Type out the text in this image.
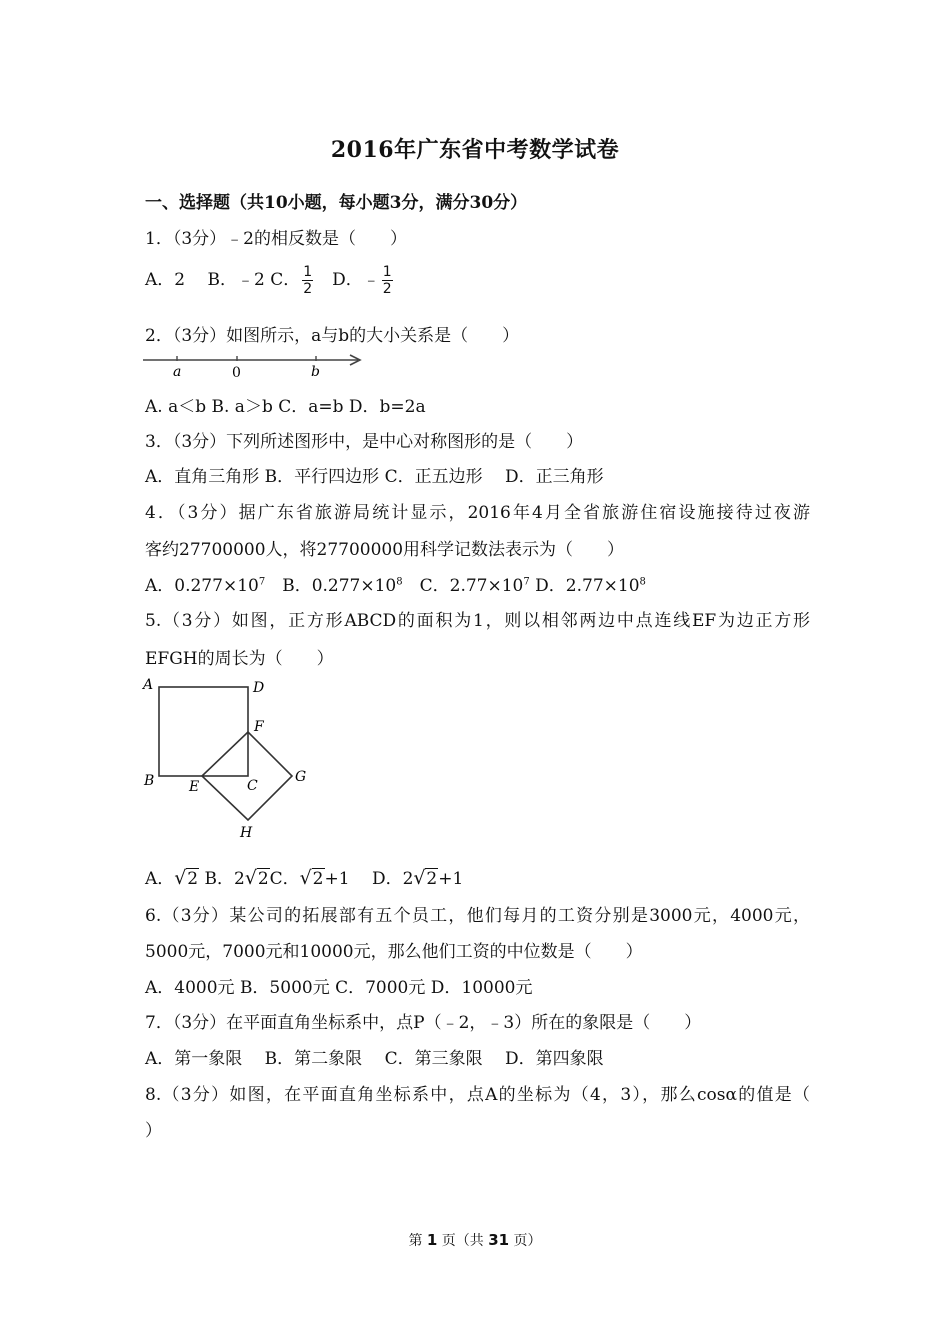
2016年广东省中考数学试卷
一、选择题（共10小题，每小题3分，满分30分）
1．（3分）﹣2的相反数是（　　）
A．2　 B．﹣2 C． $\frac{1}{2}$ 　D．﹣ $\frac{1}{2}$
2．（3分）如图所示，a与b的大小关系是（　　）
a	0	b
A. a＜b B. a＞b C．a=b D．b=2a
3．（3分）下列所述图形中，是中心对称图形的是（　　）
A．直角三角形 B．平行四边形 C．正五边形　 D．正三角形
4．（3分）据广东省旅游局统计显示，2016年4月全省旅游住宿设施接待过夜游
客约27700000人，将27700000用科学记数法表示为（　　）
A．$0.277\times 10^7$　B．$0.277\times 10^8$　C．$2.77\times 10^7$ D．$2.77\times 10^8$
5.（3分）如图，正方形ABCD的面积为1，则以相邻两边中点连线EF为边正方形
EFGH的周长为（　　）
A	D
F
B E	C
G
H
A． √ 2 B．2 √ 2C． √ 2+1　 D．2 √ 2+1
6.（3分）某公司的拓展部有五个员工，他们每月的工资分别是3000元，4000元，
5000元，7000元和10000元，那么他们工资的中位数是（　　）
A．4000元 B．5000元 C．7000元 D．10000元
7．（3分）在平面直角坐标系中，点P（﹣2，﹣3）所在的象限是（　　）
A．第一象限　 B．第二象限　 C．第三象限　 D．第四象限
8.（3分）如图，在平面直角坐标系中，点A的坐标为（4，3），那么cosα的值是（
）
第 1 页（共 31 页）
